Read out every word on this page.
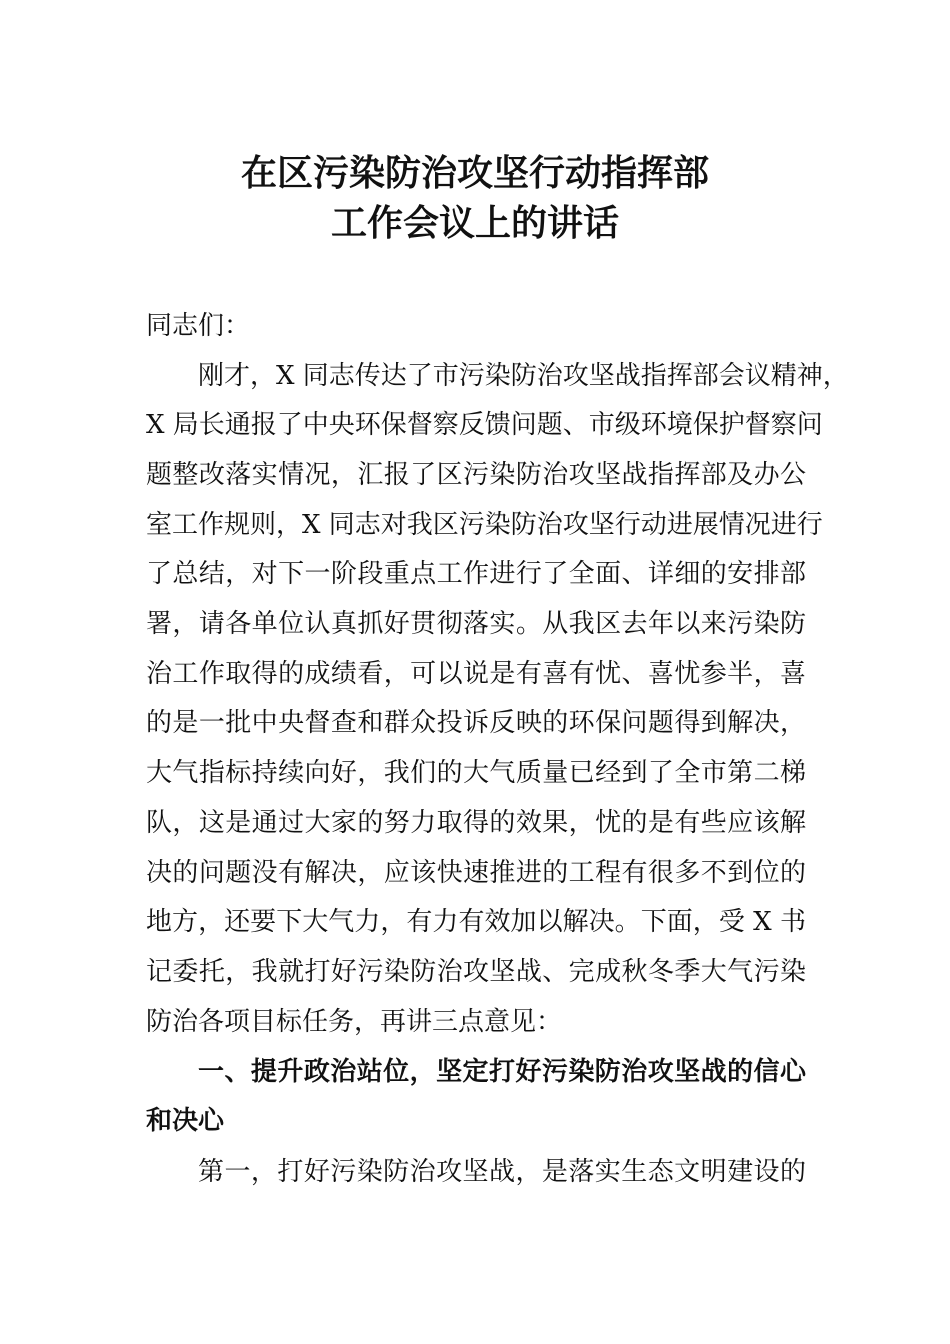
在区污染防治攻坚行动指挥部
工作会议上的讲话
同志们：
刚才，X 同志传达了市污染防治攻坚战指挥部会议精神，
X 局长通报了中央环保督察反馈问题、市级环境保护督察问
题整改落实情况，汇报了区污染防治攻坚战指挥部及办公
室工作规则，X 同志对我区污染防治攻坚行动进展情况进行
了总结，对下一阶段重点工作进行了全面、详细的安排部
署，请各单位认真抓好贯彻落实。从我区去年以来污染防
治工作取得的成绩看，可以说是有喜有忧、喜忧参半，喜
的是一批中央督查和群众投诉反映的环保问题得到解决，
大气指标持续向好，我们的大气质量已经到了全市第二梯
队，这是通过大家的努力取得的效果，忧的是有些应该解
决的问题没有解决，应该快速推进的工程有很多不到位的
地方，还要下大气力，有力有效加以解决。下面，受 X 书
记委托，我就打好污染防治攻坚战、完成秋冬季大气污染
防治各项目标任务，再讲三点意见：
一、提升政治站位，坚定打好污染防治攻坚战的信心
和决心
第一，打好污染防治攻坚战，是落实生态文明建设的
